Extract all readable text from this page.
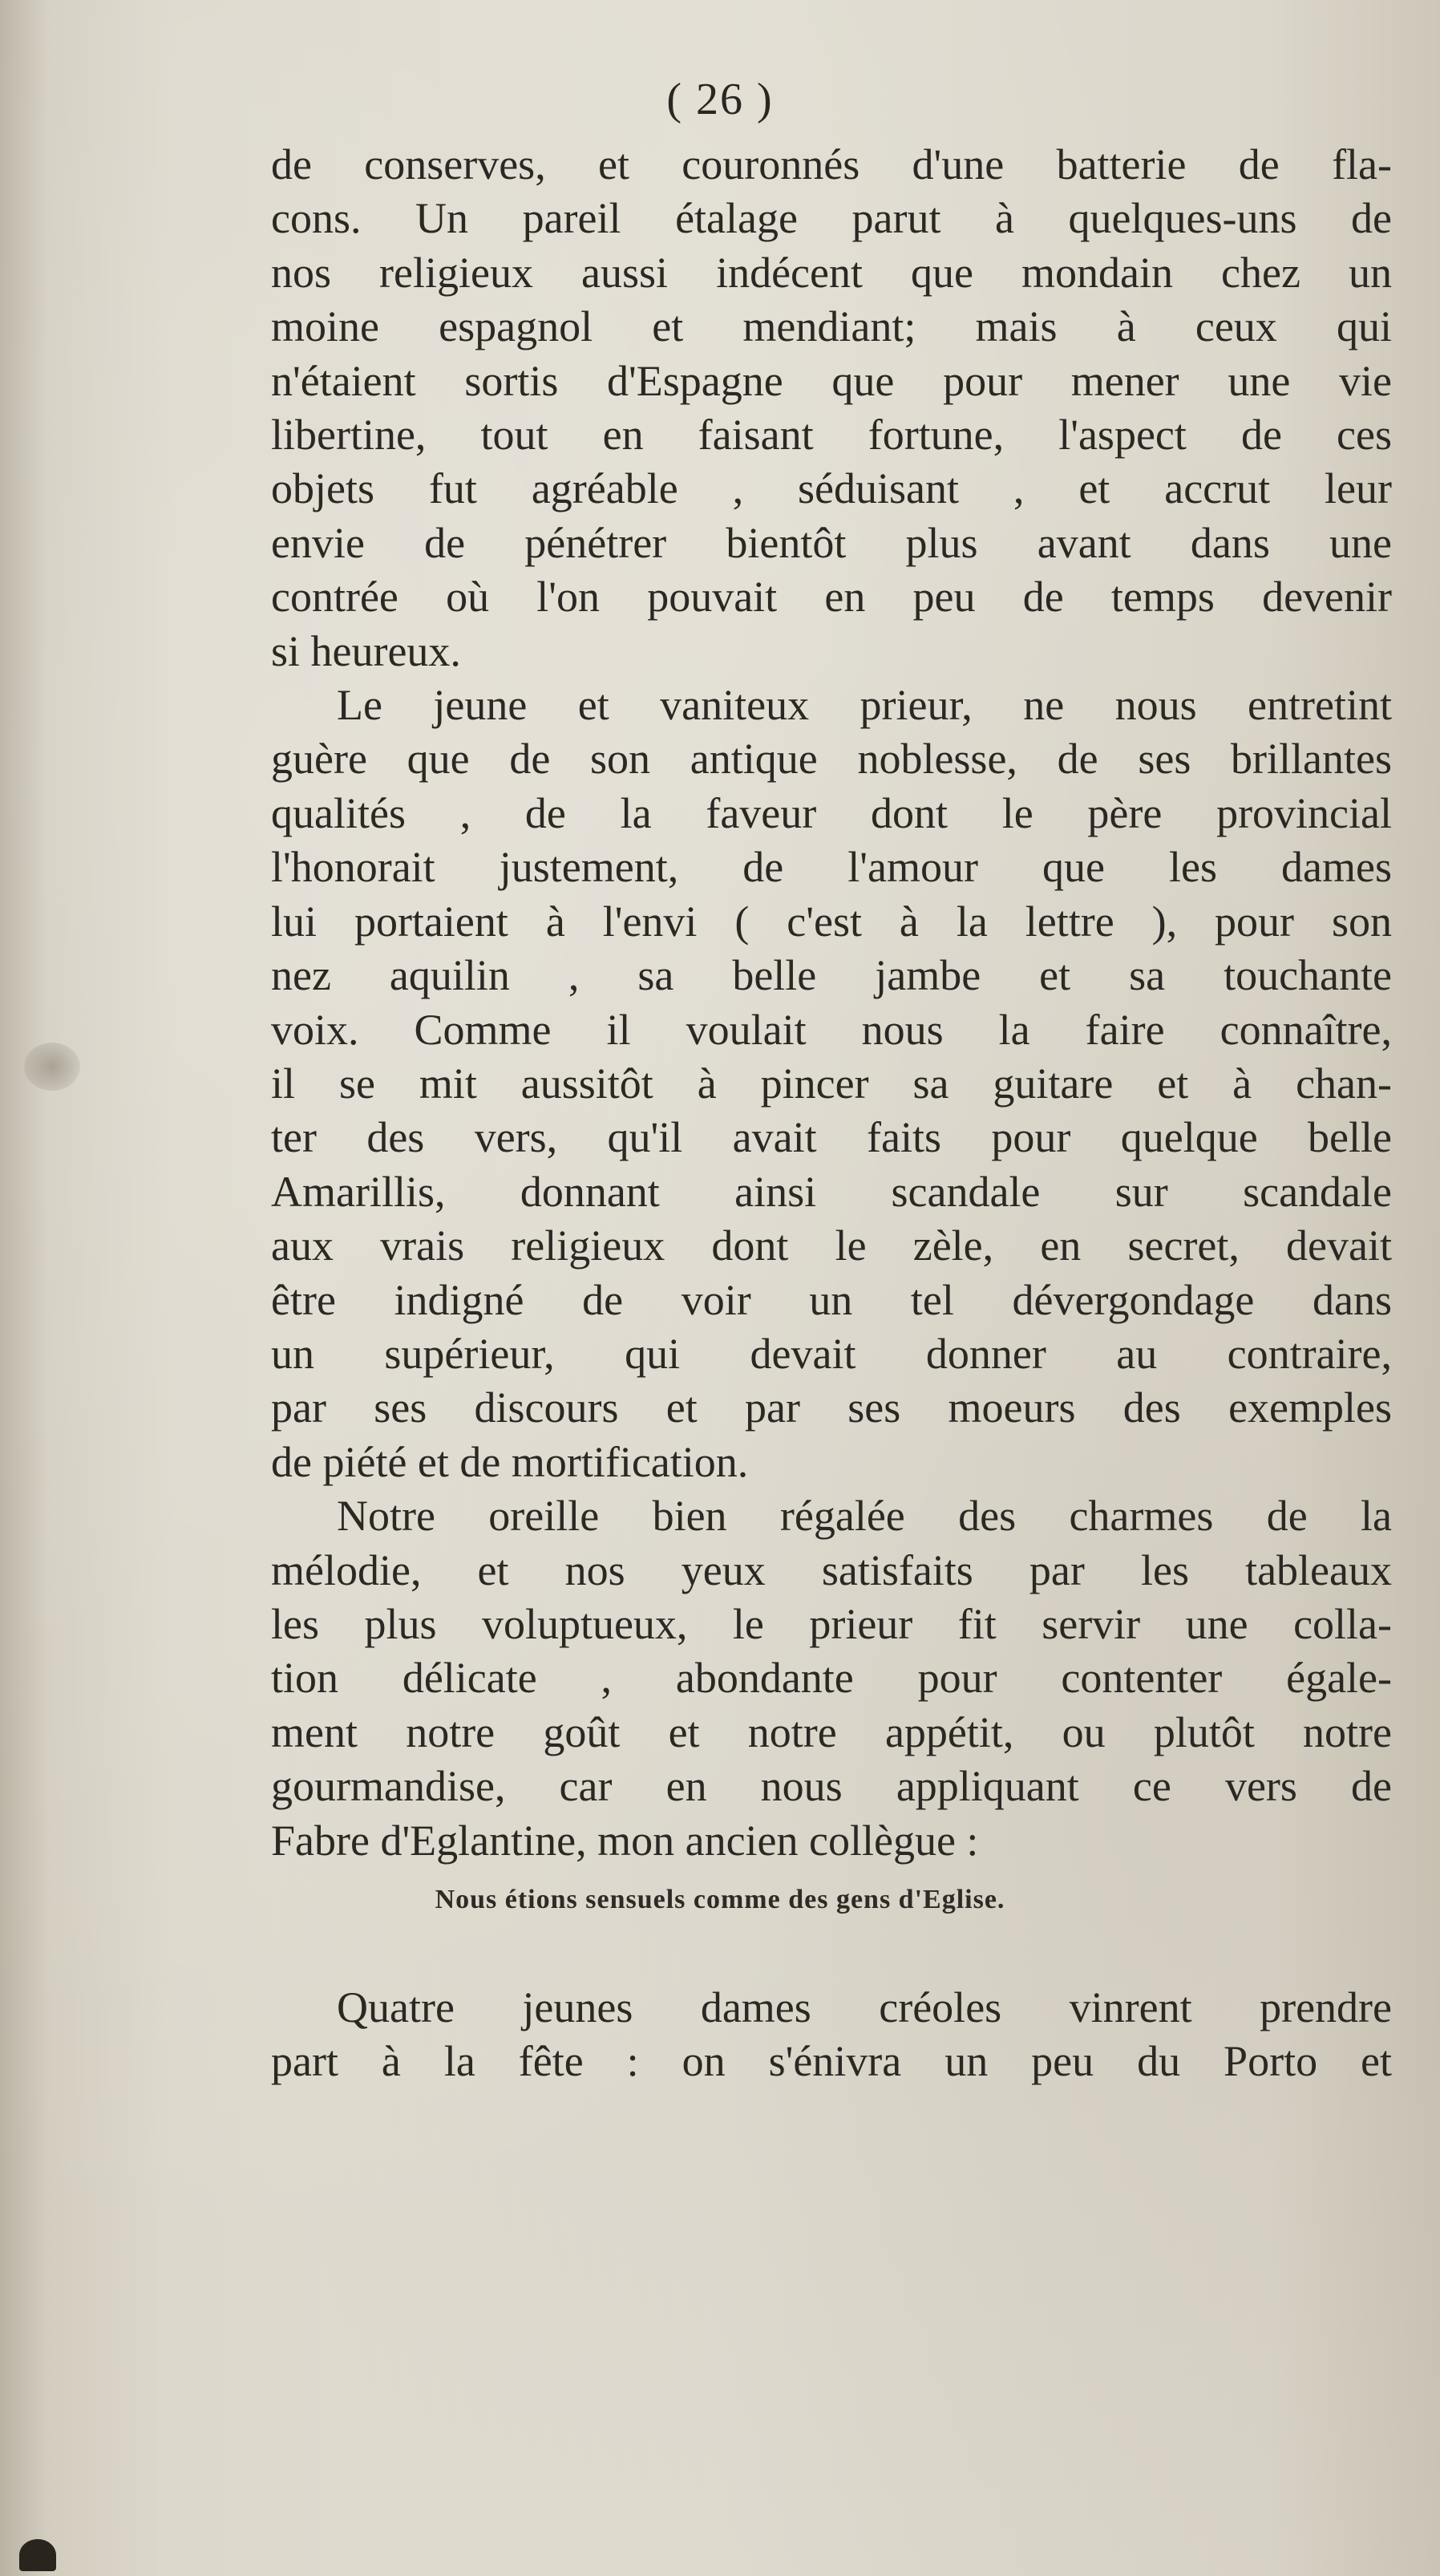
( 26 )
de conserves, et couronnés d'une batterie de fla-
cons. Un pareil étalage parut à quelques-uns de
nos religieux aussi indécent que mondain chez un
moine espagnol et mendiant; mais à ceux qui
n'étaient sortis d'Espagne que pour mener une vie
libertine, tout en faisant fortune, l'aspect de ces
objets fut agréable , séduisant , et accrut leur
envie de pénétrer bientôt plus avant dans une
contrée où l'on pouvait en peu de temps devenir
si heureux.
Le jeune et vaniteux prieur, ne nous entretint
guère que de son antique noblesse, de ses brillantes
qualités , de la faveur dont le père provincial
l'honorait justement, de l'amour que les dames
lui portaient à l'envi ( c'est à la lettre ), pour son
nez aquilin , sa belle jambe et sa touchante
voix. Comme il voulait nous la faire connaître,
il se mit aussitôt à pincer sa guitare et à chan-
ter des vers, qu'il avait faits pour quelque belle
Amarillis, donnant ainsi scandale sur scandale
aux vrais religieux dont le zèle, en secret, devait
être indigné de voir un tel dévergondage dans
un supérieur, qui devait donner au contraire,
par ses discours et par ses moeurs des exemples
de piété et de mortification.
Notre oreille bien régalée des charmes de la
mélodie, et nos yeux satisfaits par les tableaux
les plus voluptueux, le prieur fit servir une colla-
tion délicate , abondante pour contenter égale-
ment notre goût et notre appétit, ou plutôt notre
gourmandise, car en nous appliquant ce vers de
Fabre d'Eglantine, mon ancien collègue :
Nous étions sensuels comme des gens d'Eglise.
Quatre jeunes dames créoles vinrent prendre
part à la fête : on s'énivra un peu du Porto et
